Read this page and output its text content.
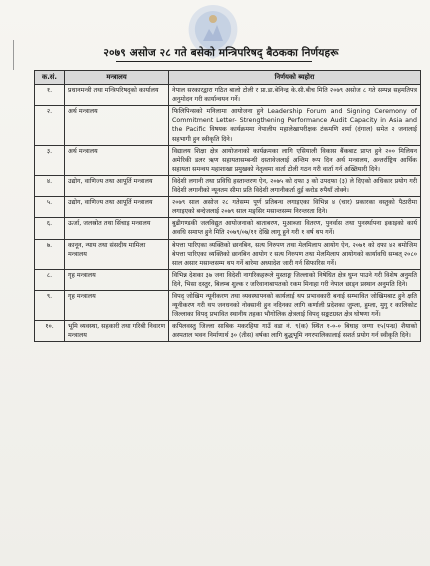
२०७९ असोज २८ गते बसेको मन्त्रिपरिषद् बैठकका निर्णयहरू
क.सं.	मन्त्रालय	निर्णयको ब्यहोरा
१.	प्रधानमन्त्री तथा मन्त्रिपरिषद्को कार्यालय	नेपाल सरकारद्वारा गठित बालो टोली र प्रा.डा.बेनिन्द्र के.सी.बीच मिति २०७९ असोज ८ गते सम्पन्न सहमतिपत्र अनुमोदन गरी कार्यान्वयन गर्ने।
२.	अर्थ मन्त्रालय	फिलिपिन्सको मनिलामा आयोजना हुने Leadership Forum and Signing Ceremony of Commitment Letter- Strengthening Performance Audit Capacity in Asia and the Pacific विषयक कार्यक्रममा नेपालीय महालेखापरीक्षक टंकमणि शर्मा (दंगाल) समेत २ जनालाई सहभागी हुन स्वीकृति दिने।
३.	अर्थ मन्त्रालय	विद्यालय शिक्षा क्षेत्र आयोजनाको कार्यक्रमका लागि एसियाली विकास बैंकबाट प्राप्त हुने २०० मिलियन अमेरिकी डलर ऋण सहायतासम्बन्धी दस्तावेजलाई अन्तिम रूप दिन अर्थ मन्त्रालय, अन्तर्राष्ट्रिय आर्थिक सहायता समन्वय महाशाखा प्रमुखको नेतृत्वमा वार्ता टोली गठन गरी वार्ता गर्न अख्तियारी दिने।
४.	उद्योग, वाणिज्य तथा आपूर्ति मन्त्रालय	विदेशी लगानी तथा प्रविधि हस्तान्तरण ऐन, २०७५ को दफा ३ को उपदफा (३) ले दिएको अधिकार प्रयोग गरी विदेशी लगानीको न्यूनतम सीमा प्रति विदेशी लगानीकर्ता दुई करोड रुपैयाँ तोक्ने।
५.	उद्योग, वाणिज्य तथा आपूर्ति मन्त्रालय	२०७९ साल असोज २८ गतेसम्म पूर्ण प्रतिबन्ध लगाइएका विभिन्न ४ (चार) प्रकारका वस्तुको पैठारीमा लगाइएको बन्देजलाई २०७९ साल मङ्सिर मसान्तसम्म निरन्तरता दिने।
६.	ऊर्जा, जलस्रोत तथा सिंचाइ मन्त्रालय	बुढीगण्डकी जलविद्युत आयोजनाको बाताबरण, मुआब्जा वितरण, पुनर्वास तथा पुनर्स्थापना इकाइको कार्य अवधि समाप्त हुने मिति २०७९/०७/११ देखि लागू हुने गरी १ वर्ष थप गर्ने।
७.	कानून, न्याय तथा संसदीय मामिला मन्त्रालय	बेपत्ता पारिएका व्यक्तिको छानबिन, सत्य निरुपण तथा मेलमिलाप आयोग ऐन, २०७१ को दफा ४२ बमोजिम बेपत्ता पारिएका व्यक्तिको छानबिन आयोग र सत्य निरुपण तथा मेलमिलाप आयोगको कार्यावधि सम्बत् २०८० साल असार मसान्तसम्म थप गर्ने बारेमा अध्यादेश जारी गर्न सिफारिस गर्ने।
८.	गृह मन्त्रालय	विभिन्न देशका ३७ जना विदेशी नागरिकहरूले मुस्ताङ्ग जिल्लाको निषेधित क्षेत्र घुम्न पाउने गरी विशेष अनुमति दिने, भिसा दस्तुर, बिलम्ब शुल्क र जरिवानाबापतको रकम मिनाहा गरी नेपाल छाड्न प्रस्थान अनुमति दिने।
९.	गृह मन्त्रालय	विपद् जोखिम न्यूनीकरण तथा व्यवस्थापनको कार्यलाई थप प्रभावकारी बनाई सम्भावित जोखिमबाट हुने क्षति न्यूनीकरण गरी थप जनधनको नोक्सानी हुन नदिनका लागि कर्णाली प्रदेशका जुम्ला, हुम्ला, मुगु र कालिकोट जिल्लाका विपद् प्रभावित स्थानीय तहका भौगोलिक क्षेत्रलाई विपद् सङ्कटग्रस्त क्षेत्र घोषणा गर्ने।
१०.	भूमि व्यवस्था, सहकारी तथा गरिबी निवारण मन्त्रालय	कपिलवस्तु जिल्ला साबिक मकरहिया गाउँ वडा नं. ९(क) स्थित १-०-० बिघाह जग्गा १५(पन्ध्र) शैयाको अस्पताल भवन निर्माणार्थ ३० (तीस) वर्षका लागि बुद्धभूमि नगरपालिकालाई सशर्त प्रयोग गर्न स्वीकृति दिने।
